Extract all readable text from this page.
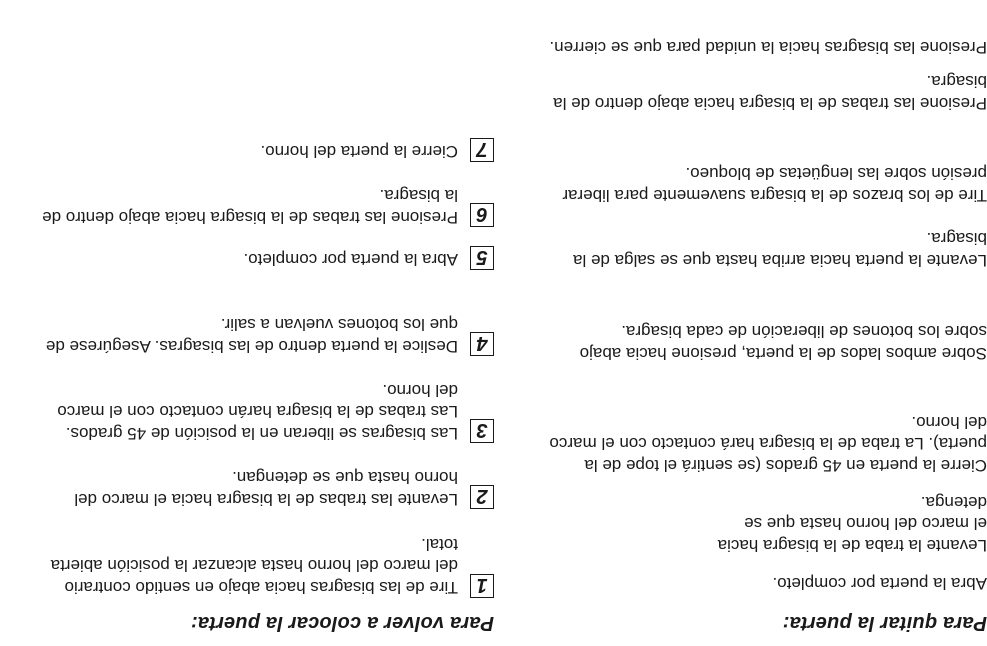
Para quitar la puerta:
Abra la puerta por completo.
Levante la traba de la bisagra hacia el marco del horno hasta que se detenga.
Cierre la puerta en 45 grados (se sentirá el tope de la puerta). La traba de la bisagra hará contacto con el marco del horno.
Sobre ambos lados de la puerta, presione hacia abajo sobre los botones de liberación de cada bisagra.
Levante la puerta hacia arriba hasta que se salga de la bisagra.
Tire de los brazos de la bisagra suavemente para liberar presión sobre las lengüetas de bloqueo.
Presione las trabas de la bisagra hacia abajo dentro de la bisagra.
Presione las bisagras hacia la unidad para que se cierren.
Para volver a colocar la puerta:
1
Tire de las bisagras hacia abajo en sentido contrario del marco del horno hasta alcanzar la posición abierta total.
2
Levante las trabas de la bisagra hacia el marco del horno hasta que se detengan.
3
Las bisagras se liberan en la posición de 45 grados. Las trabas de la bisagra harán contacto con el marco del horno.
4
Deslice la puerta dentro de las bisagras. Asegúrese de que los botones vuelvan a salir.
5
Abra la puerta por completo.
6
Presione las trabas de la bisagra hacia abajo dentro de la bisagra.
7
Cierre la puerta del horno.
